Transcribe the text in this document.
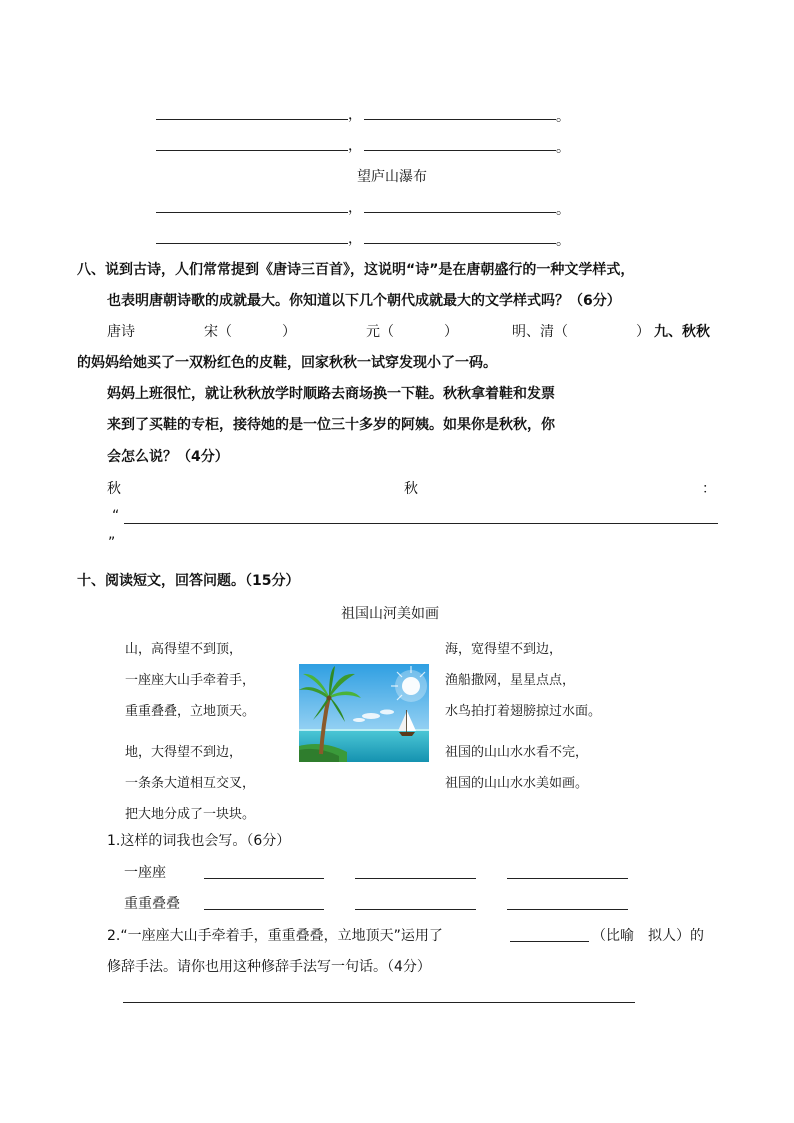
，	。
，	。
望庐山瀑布
，	。
，	。
八、说到古诗，人们常常提到《唐诗三百首》，这说明“诗”是在唐朝盛行的一种文学样式，
也表明唐朝诗歌的成就最大。你知道以下几个朝代成就最大的文学样式吗？（6分）
唐诗	宋（	）	元（	）	明、清（	） 九、秋秋
的妈妈给她买了一双粉红色的皮鞋，回家秋秋一试穿发现小了一码。
妈妈上班很忙，就让秋秋放学时顺路去商场换一下鞋。秋秋拿着鞋和发票
来到了买鞋的专柜，接待她的是一位三十多岁的阿姨。如果你是秋秋，你
会怎么说？（4分）
秋	秋	：
“
”
十、阅读短文，回答问题。（15分）
祖国山河美如画
山，高得望不到顶，
一座座大山手牵着手，
重重叠叠，立地顶天。
海，宽得望不到边，
渔船撒网，星星点点，
水鸟拍打着翅膀掠过水面。
地，大得望不到边，
一条条大道相互交叉，
把大地分成了一块块。
祖国的山山水水看不完，
祖国的山山水水美如画。
1.这样的词我也会写。（6分）
一座座
重重叠叠
2.“一座座大山手牵着手，重重叠叠，立地顶天”运用了	（比喻　拟人）的
修辞手法。请你也用这种修辞手法写一句话。（4分）
